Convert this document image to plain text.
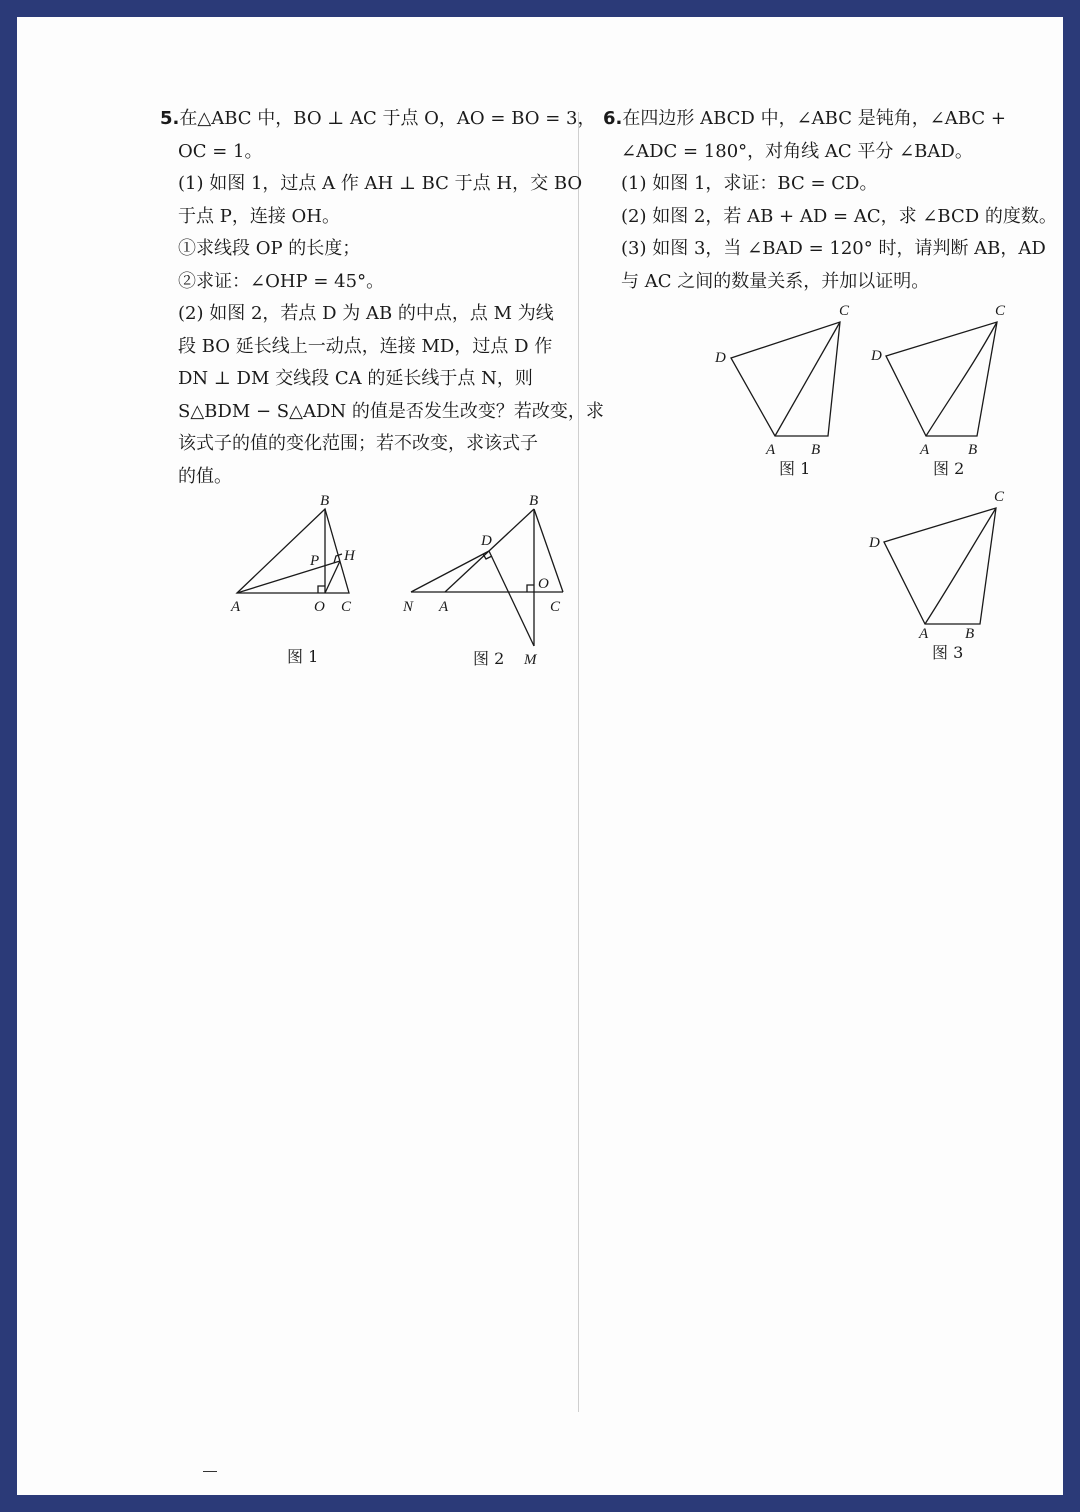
5.在△ABC 中，BO ⊥ AC 于点 O，AO = BO = 3，
OC = 1。
(1) 如图 1，过点 A 作 AH ⊥ BC 于点 H，交 BO
于点 P，连接 OH。
①求线段 OP 的长度；
②求证：∠OHP = 45°。
(2) 如图 2，若点 D 为 AB 的中点，点 M 为线
段 BO 延长线上一动点，连接 MD，过点 D 作
DN ⊥ DM 交线段 CA 的延长线于点 N，则
S△BDM − S△ADN 的值是否发生改变？若改变，求
该式子的值的变化范围；若不改变，求该式子
的值。
A
B
O C
P H
图 1
N A
B
D
O
C
M
图 2
6.在四边形 ABCD 中，∠ABC 是钝角，∠ABC +
∠ADC = 180°，对角线 AC 平分 ∠BAD。
(1) 如图 1，求证：BC = CD。
(2) 如图 2，若 AB + AD = AC，求 ∠BCD 的度数。
(3) 如图 3，当 ∠BAD = 120° 时，请判断 AB，AD
与 AC 之间的数量关系，并加以证明。
D
C
A B
图 1
D
C
A	B
图 2
D
C
A B
图 3
